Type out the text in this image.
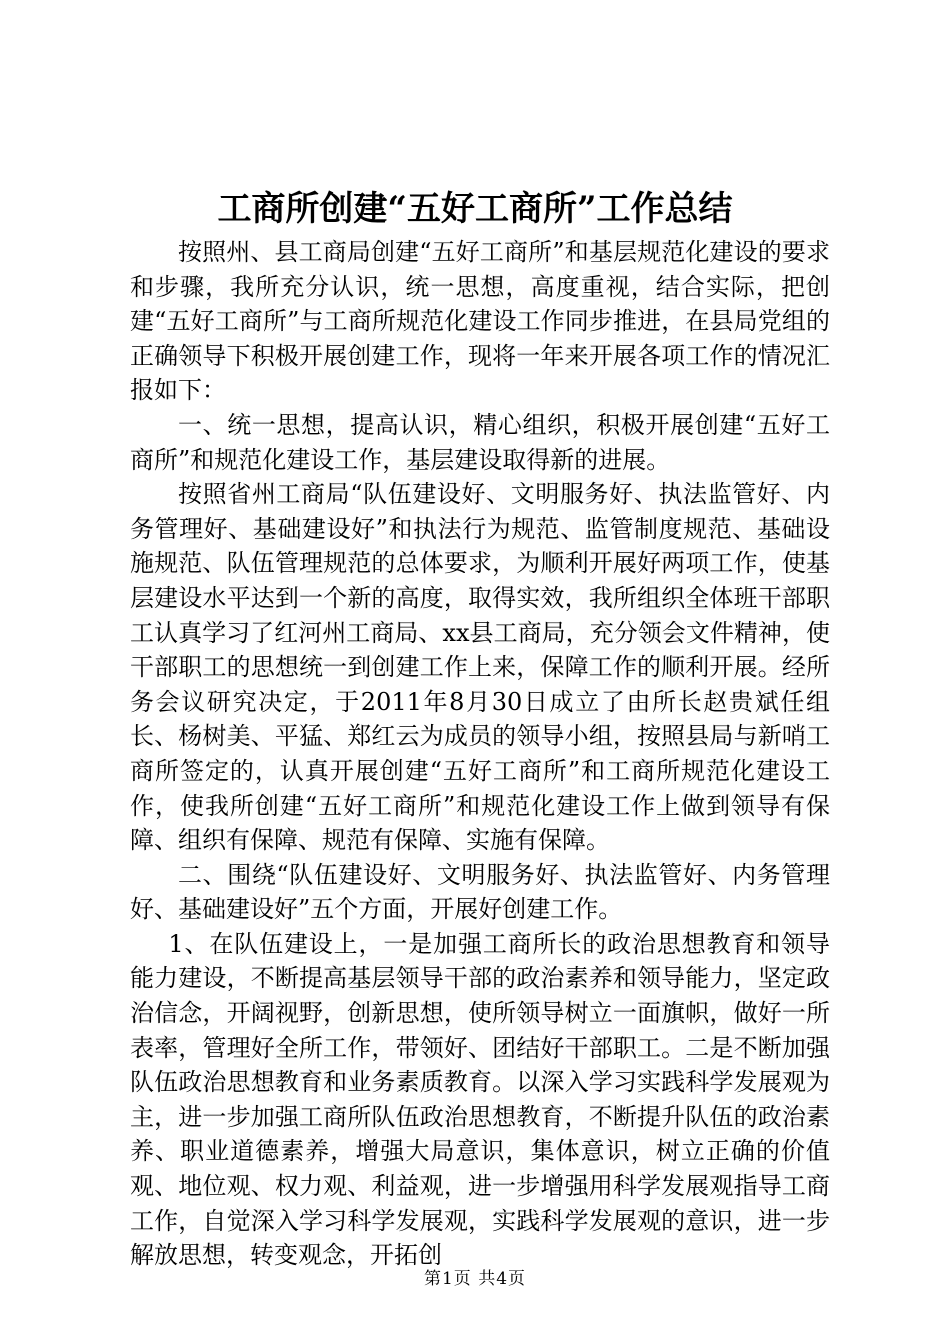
工商所创建“五好工商所”工作总结

按照州、县工商局创建“五好工商所”和基层规范化建设的要求和步骤，我所充分认识，统一思想，高度重视，结合实际，把创建“五好工商所”与工商所规范化建设工作同步推进，在县局党组的正确领导下积极开展创建工作，现将一年来开展各项工作的情况汇报如下：

一、统一思想，提高认识，精心组织，积极开展创建“五好工商所”和规范化建设工作，基层建设取得新的进展。

按照省州工商局“队伍建设好、文明服务好、执法监管好、内务管理好、基础建设好”和执法行为规范、监管制度规范、基础设施规范、队伍管理规范的总体要求，为顺利开展好两项工作，使基层建设水平达到一个新的高度，取得实效，我所组织全体班干部职工认真学习了红河州工商局、xx县工商局，充分领会文件精神，使干部职工的思想统一到创建工作上来，保障工作的顺利开展。经所务会议研究决定，于2011年8月30日成立了由所长赵贵斌任组长、杨树美、平猛、郑红云为成员的领导小组，按照县局与新哨工商所签定的，认真开展创建“五好工商所”和工商所规范化建设工作，使我所创建“五好工商所”和规范化建设工作上做到领导有保障、组织有保障、规范有保障、实施有保障。

二、围绕“队伍建设好、文明服务好、执法监管好、内务管理好、基础建设好”五个方面，开展好创建工作。

1、在队伍建设上，一是加强工商所长的政治思想教育和领导能力建设，不断提高基层领导干部的政治素养和领导能力，坚定政治信念，开阔视野，创新思想，使所领导树立一面旗帜，做好一所表率，管理好全所工作，带领好、团结好干部职工。二是不断加强队伍政治思想教育和业务素质教育。以深入学习实践科学发展观为主，进一步加强工商所队伍政治思想教育，不断提升队伍的政治素养、职业道德素养，增强大局意识，集体意识，树立正确的价值观、地位观、权力观、利益观，进一步增强用科学发展观指导工商工作，自觉深入学习科学发展观，实践科学发展观的意识，进一步解放思想，转变观念，开拓创

第1页 共4页
